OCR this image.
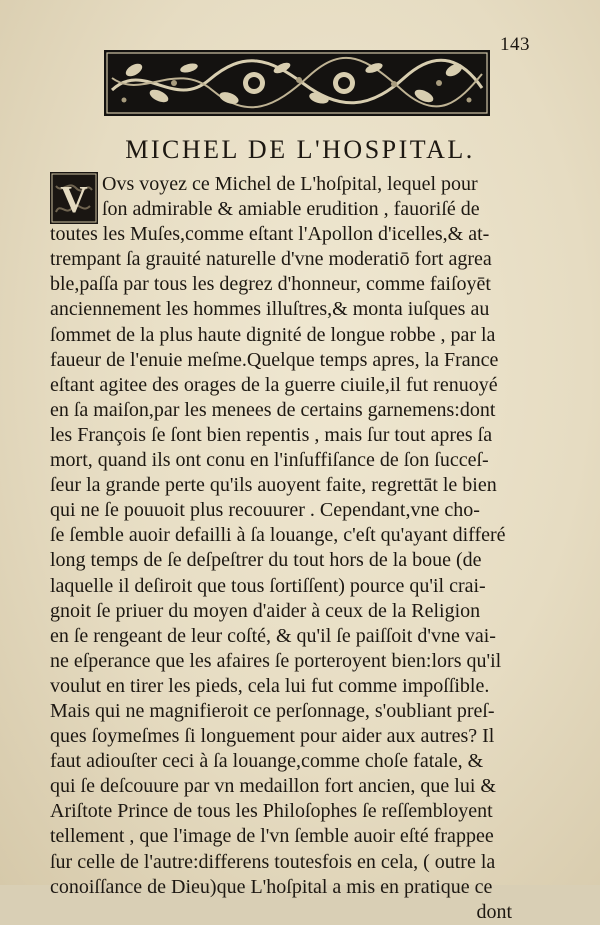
143
MICHEL DE L'HOSPITAL.
V Ovs voyez ce Michel de L'hoſpital, lequel pour
ſon admirable & amiable erudition , fauoriſé de
toutes les Muſes,comme eſtant l'Apollon d'icelles,& at-
trempant ſa grauité naturelle d'vne moderatiō fort agrea
ble,paſſa par tous les degrez d'honneur, comme faiſoyēt
anciennement les hommes illuſtres,& monta iuſques au
ſommet de la plus haute dignité de longue robbe , par la
faueur de l'enuie meſme.Quelque temps apres, la France
eſtant agitee des orages de la guerre ciuile,il fut renuoyé
en ſa maiſon,par les menees de certains garnemens:dont
les François ſe ſont bien repentis , mais ſur tout apres ſa
mort, quand ils ont conu en l'inſuffiſance de ſon ſucceſ-
ſeur la grande perte qu'ils auoyent faite, regrettāt le bien
qui ne ſe pouuoit plus recouurer . Cependant,vne cho-
ſe ſemble auoir defailli à ſa louange, c'eſt qu'ayant differé
long temps de ſe deſpeſtrer du tout hors de la boue (de
laquelle il deſiroit que tous ſortiſſent) pource qu'il crai-
gnoit ſe priuer du moyen d'aider à ceux de la Religion
en ſe rengeant de leur coſté, & qu'il ſe paiſſoit d'vne vai-
ne eſperance que les afaires ſe porteroyent bien:lors qu'il
voulut en tirer les pieds, cela lui fut comme impoſſible.
Mais qui ne magnifieroit ce perſonnage, s'oubliant preſ-
ques ſoymeſmes ſi longuement pour aider aux autres? Il
faut adiouſter ceci à ſa louange,comme choſe fatale, &
qui ſe deſcouure par vn medaillon fort ancien, que lui &
Ariſtote Prince de tous les Philoſophes ſe reſſembloyent
tellement , que l'image de l'vn ſemble auoir eſté frappee
ſur celle de l'autre:differens toutesfois en cela, ( outre la
conoiſſance de Dieu)que L'hoſpital a mis en pratique ce
dont
